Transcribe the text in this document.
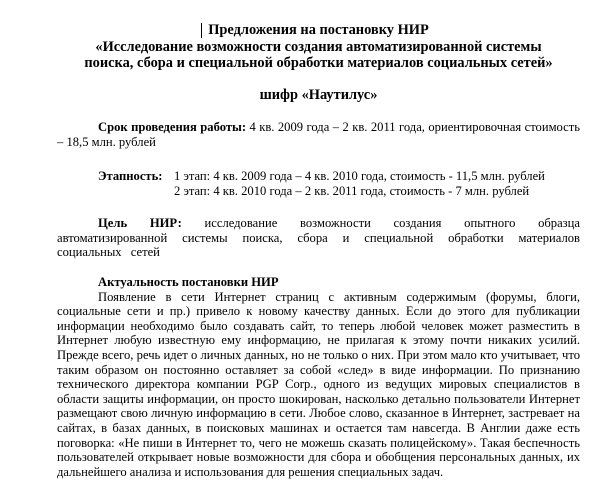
Предложения на постановку НИР
«Исследование возможности создания автоматизированной системы
поиска, сбора и специальной обработки материалов социальных сетей»
шифр «Наутилус»

Срок проведения работы: 4 кв. 2009 года – 2 кв. 2011 года, ориентировочная стоимость – 18,5 млн. рублей

Этапность: 1 этап: 4 кв. 2009 года – 4 кв. 2010 года, стоимость - 11,5 млн. рублей
2 этап: 4 кв. 2010 года – 2 кв. 2011 года, стоимость - 7 млн. рублей

Цель НИР: исследование возможности создания опытного образца автоматизированной системы поиска, сбора и специальной обработки материалов социальных сетей

Актуальность постановки НИР

Появление в сети Интернет страниц с активным содержимым (форумы, блоги, социальные сети и пр.) привело к новому качеству данных. Если до этого для публикации информации необходимо было создавать сайт, то теперь любой человек может разместить в Интернет любую известную ему информацию, не прилагая к этому почти никаких усилий. Прежде всего, речь идет о личных данных, но не только о них. При этом мало кто учитывает, что таким образом он постоянно оставляет за собой «след» в виде информации. По признанию технического директора компании PGP Corp., одного из ведущих мировых специалистов в области защиты информации, он просто шокирован, насколько детально пользователи Интернет размещают свою личную информацию в сети. Любое слово, сказанное в Интернет, застревает на сайтах, в базах данных, в поисковых машинах и остается там навсегда. В Англии даже есть поговорка: «Не пиши в Интернет то, чего не можешь сказать полицейскому». Такая беспечность пользователей открывает новые возможности для сбора и обобщения персональных данных, их дальнейшего анализа и использования для решения специальных задач.
